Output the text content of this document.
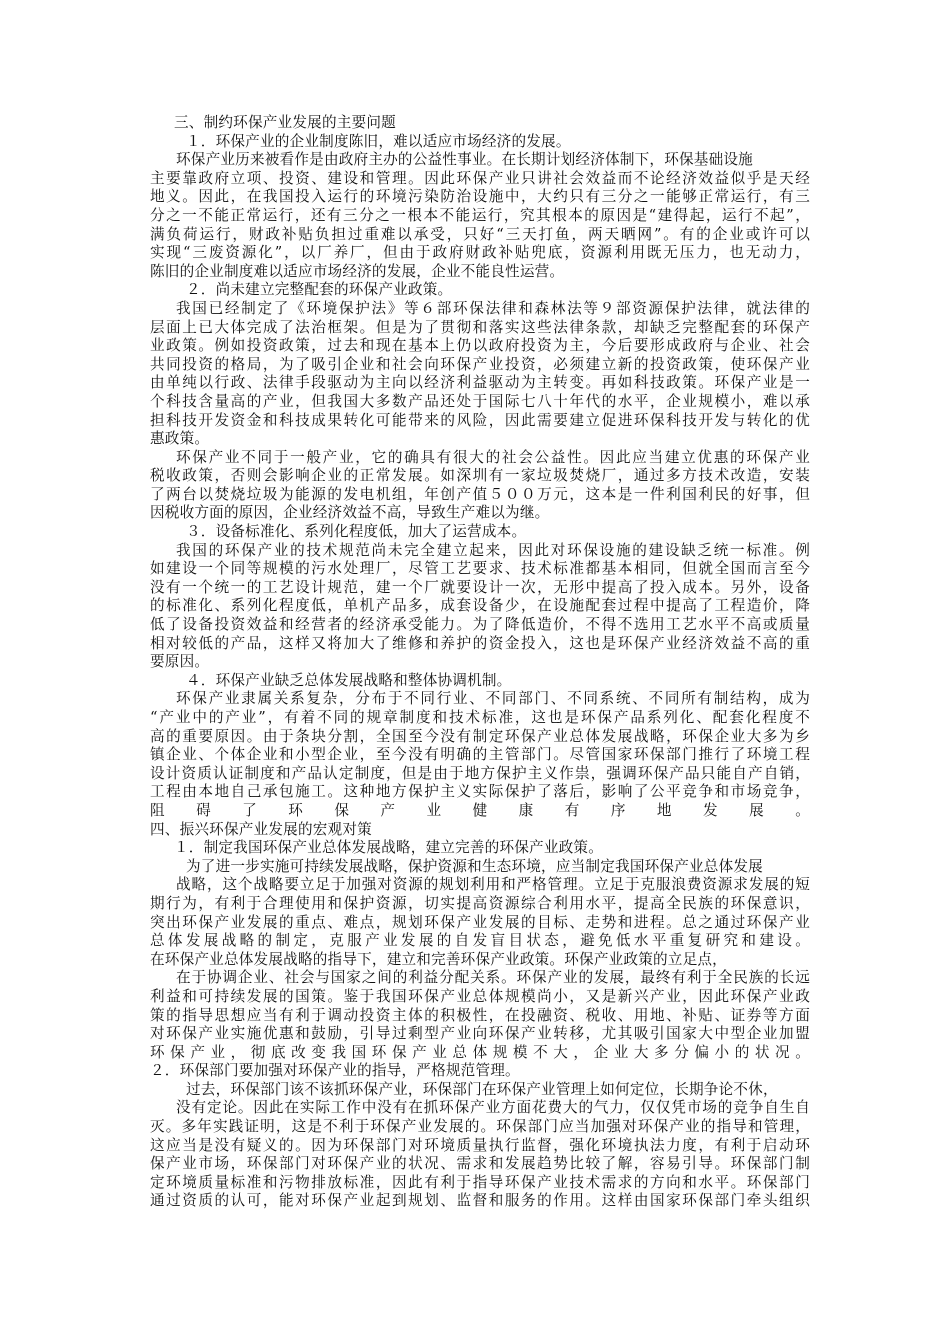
三、制约环保产业发展的主要问题
１．环保产业的企业制度陈旧，难以适应市场经济的发展。
环保产业历来被看作是由政府主办的公益性事业。在长期计划经济体制下，环保基础设施
主要靠政府立项、投资、建设和管理。因此环保产业只讲社会效益而不论经济效益似乎是天经
地义。因此，在我国投入运行的环境污染防治设施中，大约只有三分之一能够正常运行，有三
分之一不能正常运行，还有三分之一根本不能运行，究其根本的原因是“建得起，运行不起”，
满负荷运行，财政补贴负担过重难以承受，只好“三天打鱼，两天晒网”。有的企业或许可以
实现“三废资源化”，以厂养厂，但由于政府财政补贴兜底，资源利用既无压力，也无动力，
陈旧的企业制度难以适应市场经济的发展，企业不能良性运营。
２．尚未建立完整配套的环保产业政策。
我国已经制定了《环境保护法》等６部环保法律和森林法等９部资源保护法律，就法律的
层面上已大体完成了法治框架。但是为了贯彻和落实这些法律条款，却缺乏完整配套的环保产
业政策。例如投资政策，过去和现在基本上仍以政府投资为主，今后要形成政府与企业、社会
共同投资的格局，为了吸引企业和社会向环保产业投资，必须建立新的投资政策，使环保产业
由单纯以行政、法律手段驱动为主向以经济利益驱动为主转变。再如科技政策。环保产业是一
个科技含量高的产业，但我国大多数产品还处于国际七八十年代的水平，企业规模小，难以承
担科技开发资金和科技成果转化可能带来的风险，因此需要建立促进环保科技开发与转化的优
惠政策。
环保产业不同于一般产业，它的确具有很大的社会公益性。因此应当建立优惠的环保产业
税收政策，否则会影响企业的正常发展。如深圳有一家垃圾焚烧厂，通过多方技术改造，安装
了两台以焚烧垃圾为能源的发电机组，年创产值５００万元，这本是一件利国利民的好事，但
因税收方面的原因，企业经济效益不高，导致生产难以为继。
３．设备标准化、系列化程度低，加大了运营成本。
我国的环保产业的技术规范尚未完全建立起来，因此对环保设施的建设缺乏统一标准。例
如建设一个同等规模的污水处理厂，尽管工艺要求、技术标准都基本相同，但就全国而言至今
没有一个统一的工艺设计规范，建一个厂就要设计一次，无形中提高了投入成本。另外，设备
的标准化、系列化程度低，单机产品多，成套设备少，在设施配套过程中提高了工程造价，降
低了设备投资效益和经营者的经济承受能力。为了降低造价，不得不选用工艺水平不高或质量
相对较低的产品，这样又将加大了维修和养护的资金投入，这也是环保产业经济效益不高的重
要原因。
４．环保产业缺乏总体发展战略和整体协调机制。
环保产业隶属关系复杂，分布于不同行业、不同部门、不同系统、不同所有制结构，成为
“产业中的产业”，有着不同的规章制度和技术标准，这也是环保产品系列化、配套化程度不
高的重要原因。由于条块分割，全国至今没有制定环保产业总体发展战略，环保企业大多为乡
镇企业、个体企业和小型企业，至今没有明确的主管部门。尽管国家环保部门推行了环境工程
设计资质认证制度和产品认定制度，但是由于地方保护主义作祟，强调环保产品只能自产自销，
工程由本地自己承包施工。这种地方保护主义实际保护了落后，影响了公平竞争和市场竞争，
阻碍了环保产业健康有序地发展。
四、振兴环保产业发展的宏观对策
１．制定我国环保产业总体发展战略，建立完善的环保产业政策。
为了进一步实施可持续发展战略，保护资源和生态环境，应当制定我国环保产业总体发展
战略，这个战略要立足于加强对资源的规划利用和严格管理。立足于克服浪费资源求发展的短
期行为，有利于合理使用和保护资源，切实提高资源综合利用水平，提高全民族的环保意识，
突出环保产业发展的重点、难点，规划环保产业发展的目标、走势和进程。总之通过环保产业
总体发展战略的制定，克服产业发展的自发盲目状态，避免低水平重复研究和建设。
在环保产业总体发展战略的指导下，建立和完善环保产业政策。环保产业政策的立足点，
在于协调企业、社会与国家之间的利益分配关系。环保产业的发展，最终有利于全民族的长远
利益和可持续发展的国策。鉴于我国环保产业总体规模尚小，又是新兴产业，因此环保产业政
策的指导思想应当有利于调动投资主体的积极性，在投融资、税收、用地、补贴、证券等方面
对环保产业实施优惠和鼓励，引导过剩型产业向环保产业转移，尤其吸引国家大中型企业加盟
环保产业，彻底改变我国环保产业总体规模不大，企业大多分偏小的状况。
２．环保部门要加强对环保产业的指导，严格规范管理。
过去，环保部门该不该抓环保产业，环保部门在环保产业管理上如何定位，长期争论不休，
没有定论。因此在实际工作中没有在抓环保产业方面花费大的气力，仅仅凭市场的竞争自生自
灭。多年实践证明，这是不利于环保产业发展的。环保部门应当加强对环保产业的指导和管理，
这应当是没有疑义的。因为环保部门对环境质量执行监督，强化环境执法力度，有利于启动环
保产业市场，环保部门对环保产业的状况、需求和发展趋势比较了解，容易引导。环保部门制
定环境质量标准和污物排放标准，因此有利于指导环保产业技术需求的方向和水平。环保部门
通过资质的认可，能对环保产业起到规划、监督和服务的作用。这样由国家环保部门牵头组织
